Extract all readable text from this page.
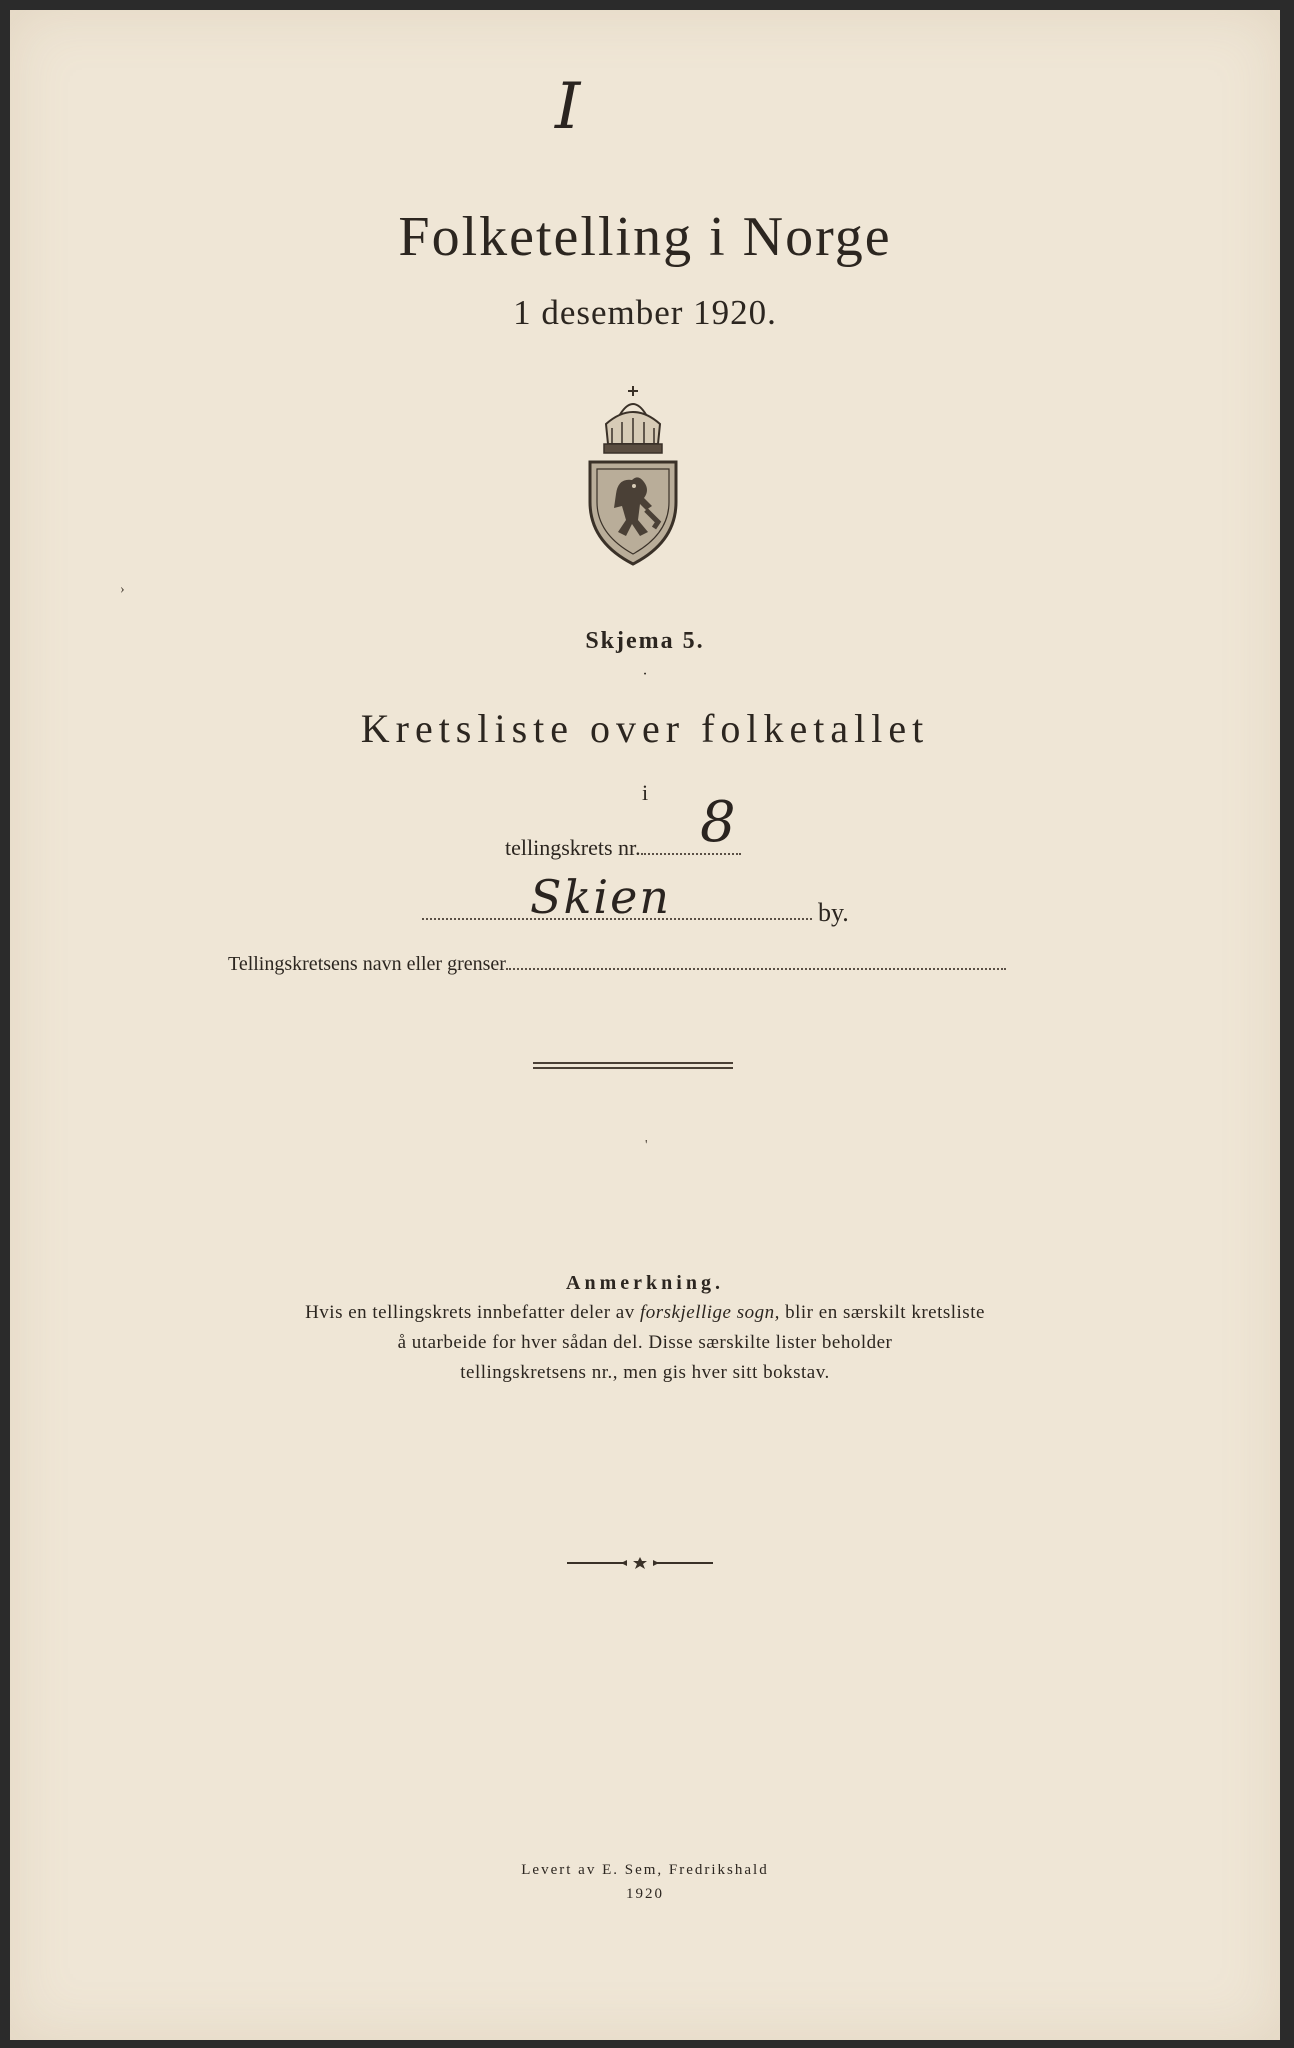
I
Folketelling i Norge
1 desember 1920.
Skjema 5.
·
Kretsliste over folketallet
i
tellingskrets nr. 8
Skien	by.
Tellingskretsens navn eller grenser
Anmerkning.
Hvis en tellingskrets innbefatter deler av forskjellige sogn, blir en særskilt kretsliste
å utarbeide for hver sådan del. Disse særskilte lister beholder
tellingskretsens nr., men gis hver sitt bokstav.
Levert av E. Sem, Fredrikshald
1920
›
'
